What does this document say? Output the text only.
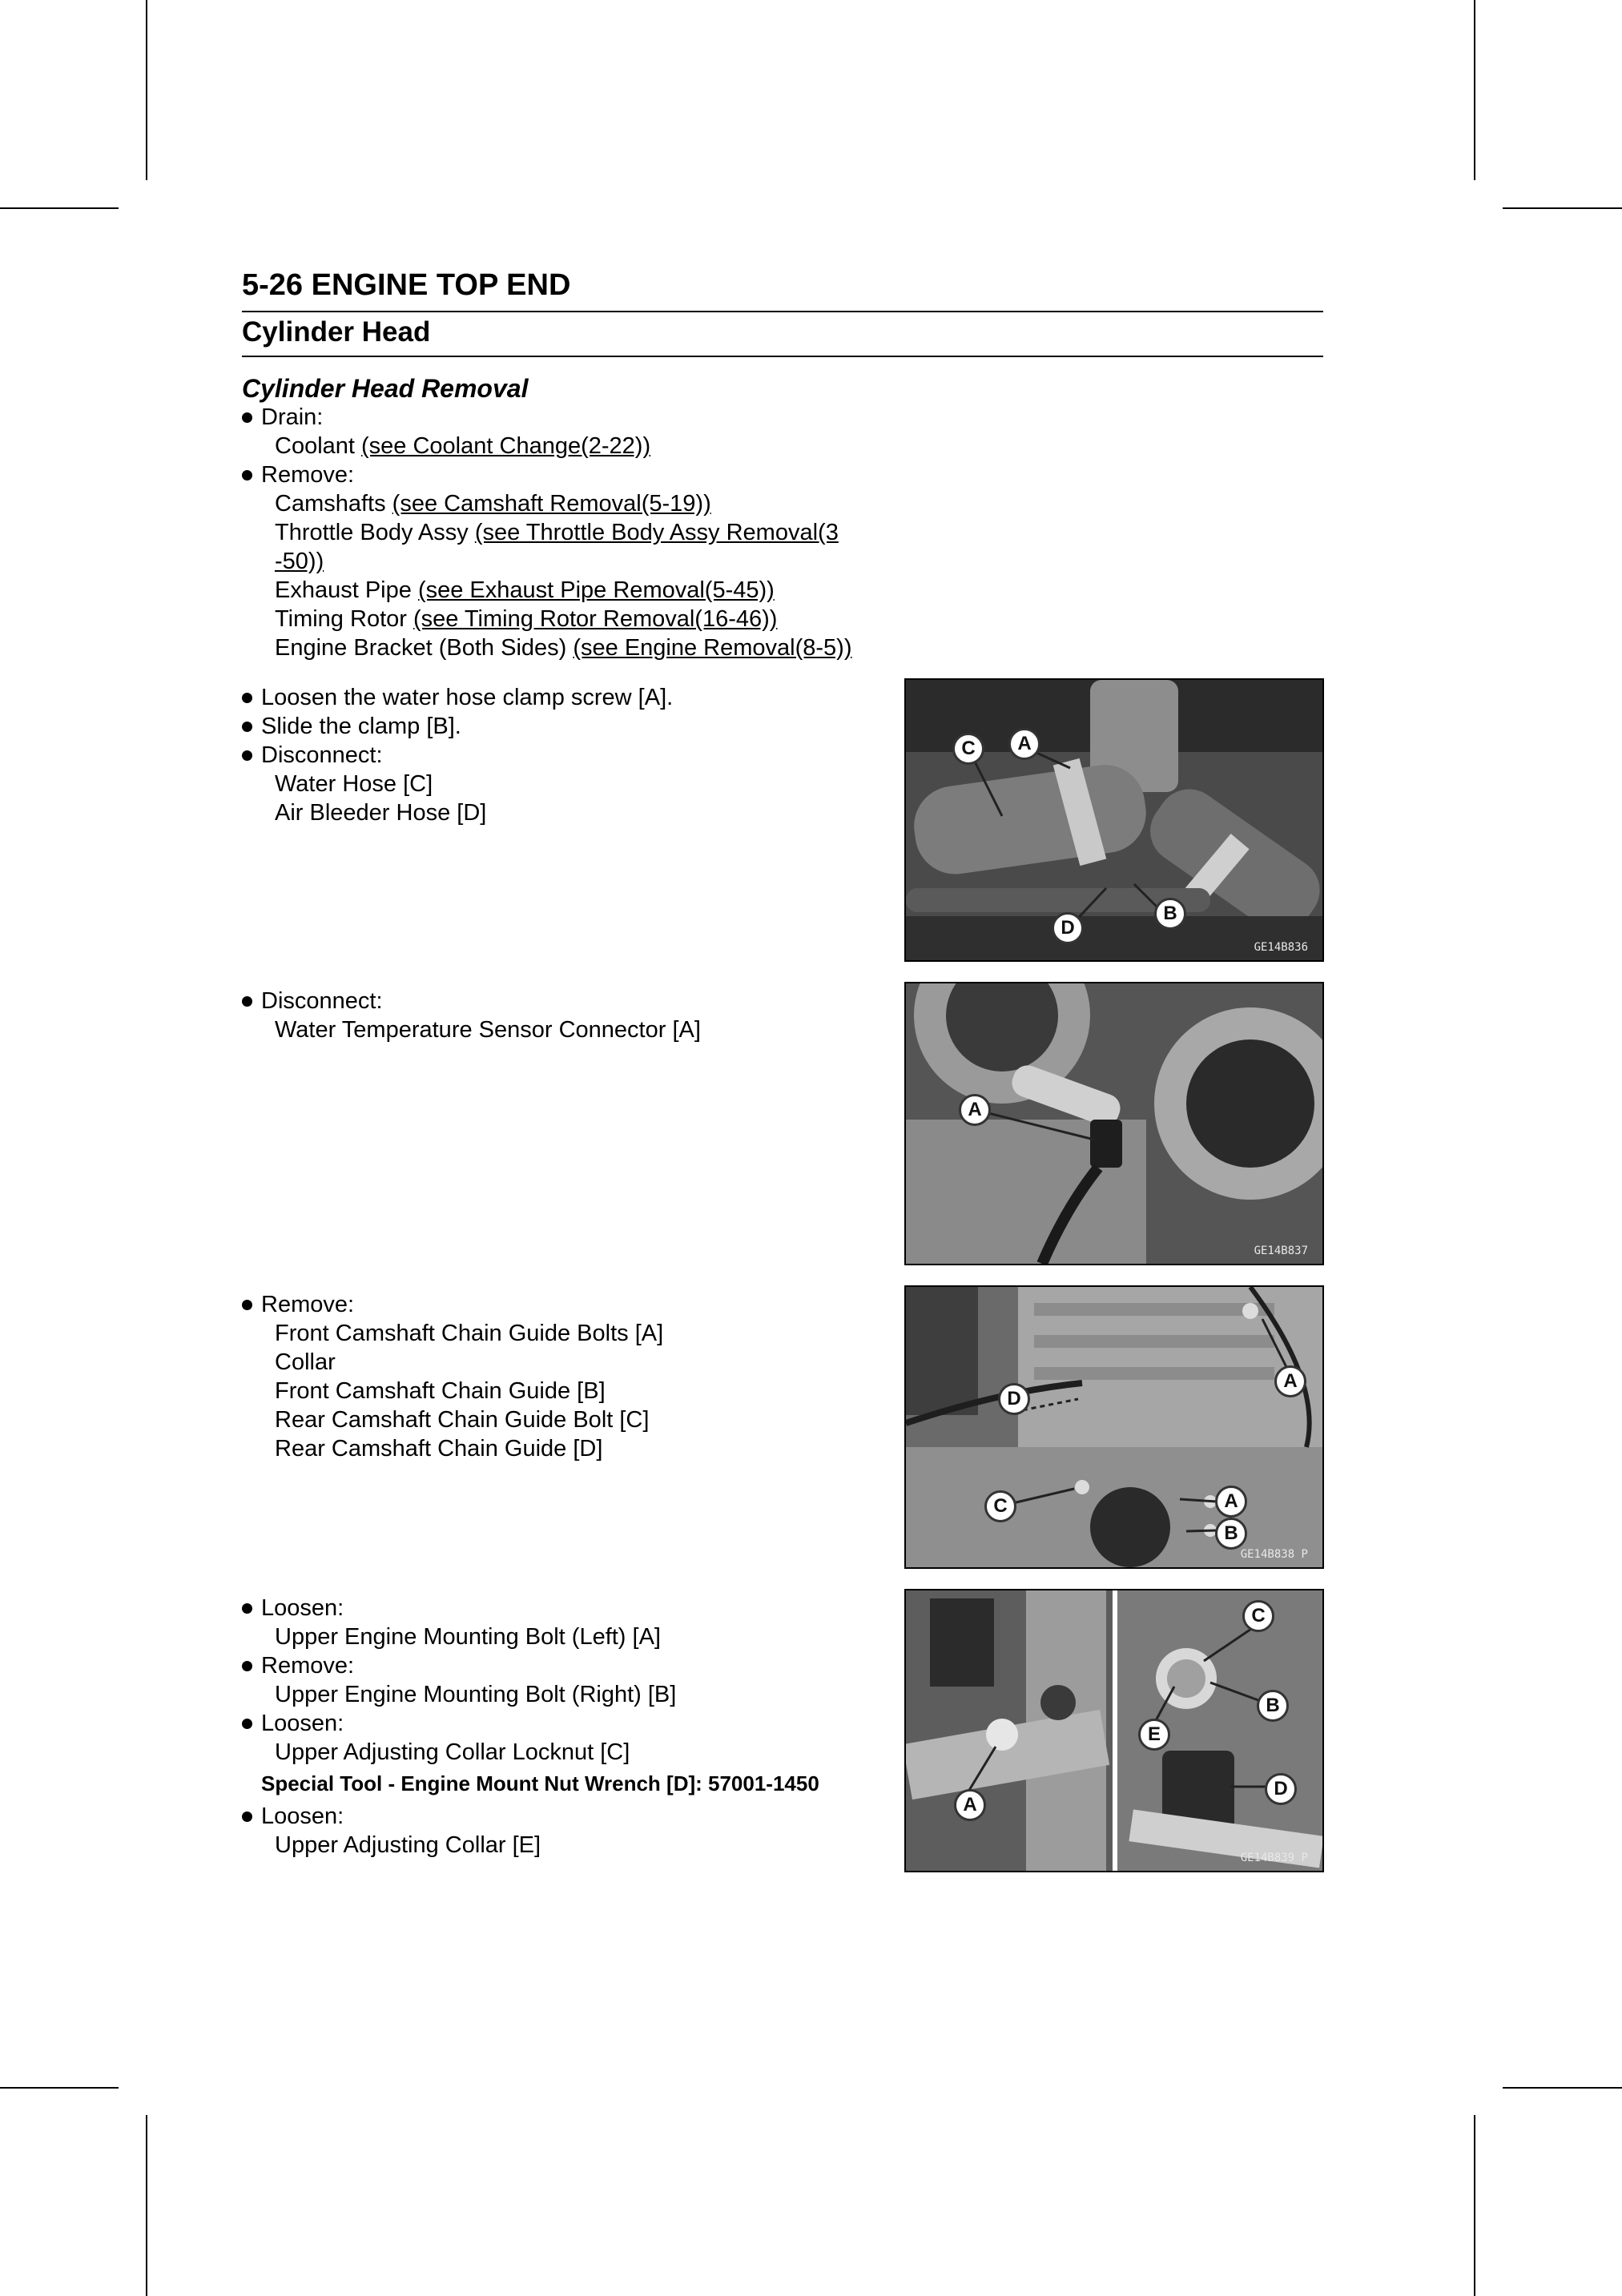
5-26 ENGINE TOP END
Cylinder Head
Cylinder Head Removal
Drain:
Coolant (see Coolant Change(2-22))
Remove:
Camshafts (see Camshaft Removal(5-19))
Throttle Body Assy (see Throttle Body Assy Removal(3
-50))
Exhaust Pipe (see Exhaust Pipe Removal(5-45))
Timing Rotor (see Timing Rotor Removal(16-46))
Engine Bracket (Both Sides) (see Engine Removal(8-5))
Loosen the water hose clamp screw [A].
Slide the clamp [B].
Disconnect:
Water Hose [C]
Air Bleeder Hose [D]
Disconnect:
Water Temperature Sensor Connector [A]
Remove:
Front Camshaft Chain Guide Bolts [A]
Collar
Front Camshaft Chain Guide [B]
Rear Camshaft Chain Guide Bolt [C]
Rear Camshaft Chain Guide [D]
Loosen:
Upper Engine Mounting Bolt (Left) [A]
Remove:
Upper Engine Mounting Bolt (Right) [B]
Loosen:
Upper Adjusting Collar Locknut [C]
Special Tool - Engine Mount Nut Wrench [D]: 57001-1450
Loosen:
Upper Adjusting Collar [E]
C	A
D
B
GE14B836
A
GE14B837
D
A
C	A
B
GE14B838 P
C
B
E
A
D
GE14B839 P
